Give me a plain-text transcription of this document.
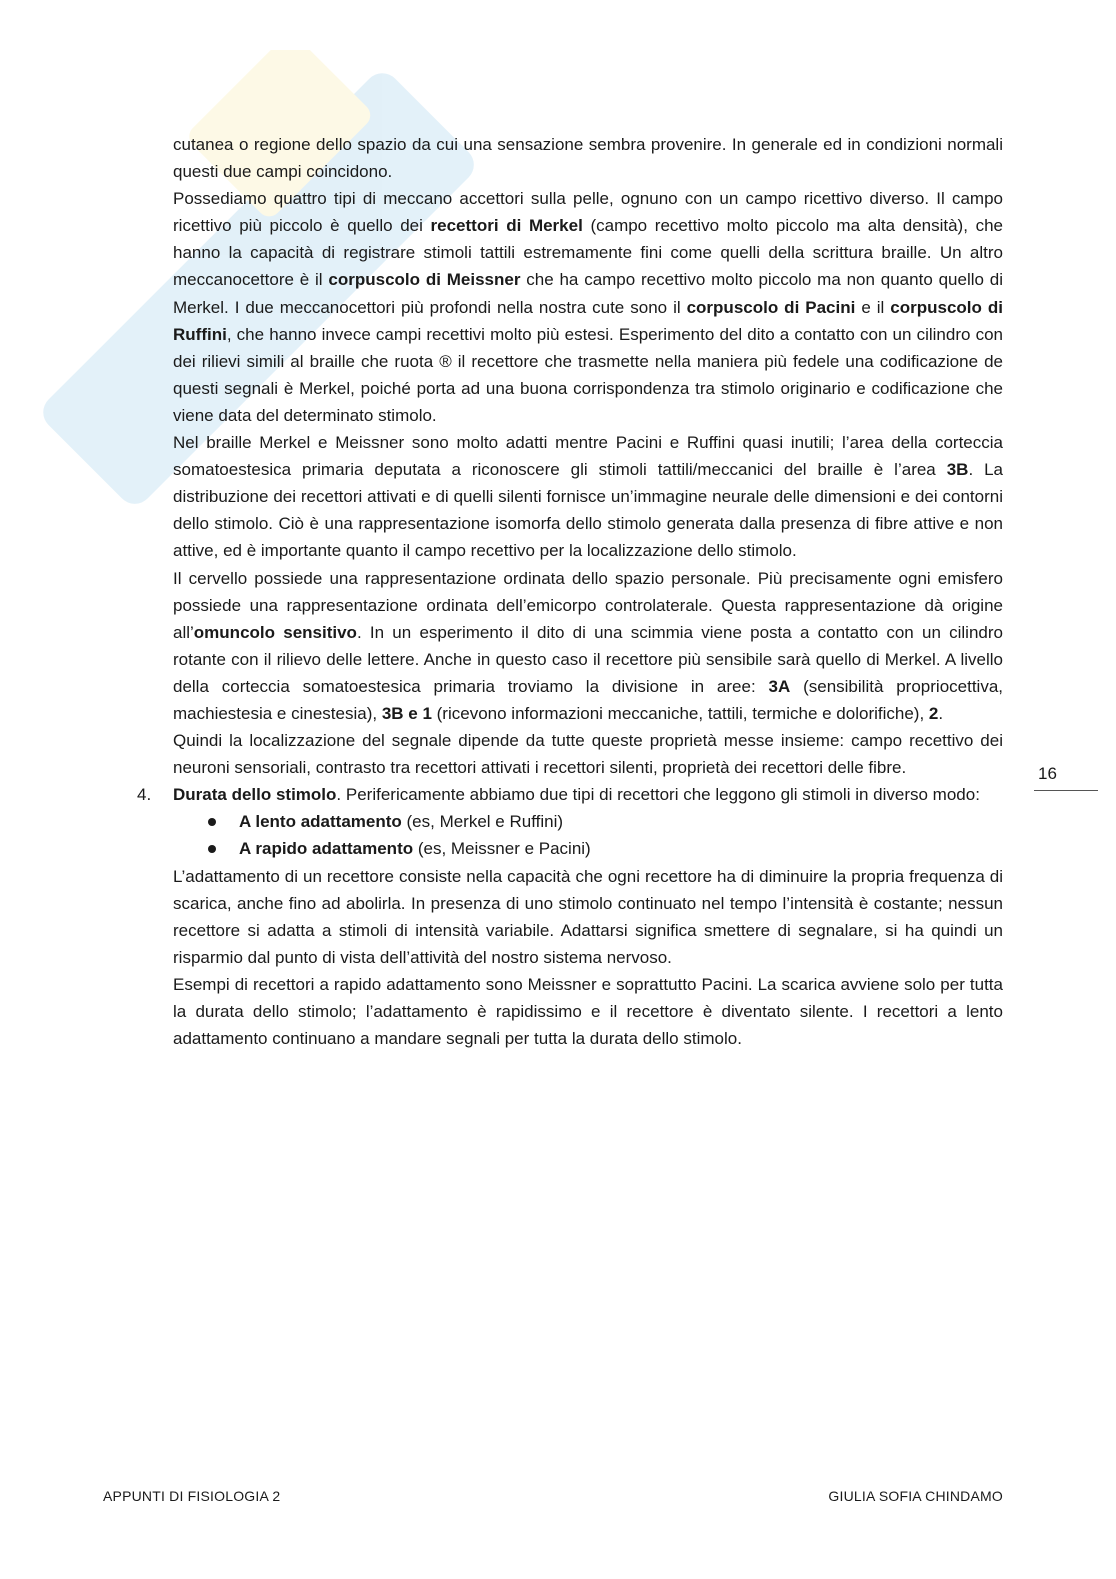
cutanea o regione dello spazio da cui una sensazione sembra provenire. In generale ed in condizioni normali questi due campi coincidono.

Possediamo quattro tipi di meccano accettori sulla pelle, ognuno con un campo ricettivo diverso. Il campo ricettivo più piccolo è quello dei recettori di Merkel (campo recettivo molto piccolo ma alta densità), che hanno la capacità di registrare stimoli tattili estremamente fini come quelli della scrittura braille. Un altro meccanocettore è il corpuscolo di Meissner che ha campo recettivo molto piccolo ma non quanto quello di Merkel. I due meccanocettori più profondi nella nostra cute sono il corpuscolo di Pacini e il corpuscolo di Ruffini, che hanno invece campi recettivi molto più estesi. Esperimento del dito a contatto con un cilindro con dei rilievi simili al braille che ruota ® il recettore che trasmette nella maniera più fedele una codificazione de questi segnali è Merkel, poiché porta ad una buona corrispondenza tra stimolo originario e codificazione che viene data del determinato stimolo.

Nel braille Merkel e Meissner sono molto adatti mentre Pacini e Ruffini quasi inutili; l’area della corteccia somatoestesica primaria deputata a riconoscere gli stimoli tattili/meccanici del braille è l’area 3B. La distribuzione dei recettori attivati e di quelli silenti fornisce un’immagine neurale delle dimensioni e dei contorni dello stimolo. Ciò è una rappresentazione isomorfa dello stimolo generata dalla presenza di fibre attive e non attive, ed è importante quanto il campo recettivo per la localizzazione dello stimolo.

Il cervello possiede una rappresentazione ordinata dello spazio personale. Più precisamente ogni emisfero possiede una rappresentazione ordinata dell’emicorpo controlaterale. Questa rappresentazione dà origine all’omuncolo sensitivo. In un esperimento il dito di una scimmia viene posta a contatto con un cilindro rotante con il rilievo delle lettere. Anche in questo caso il recettore più sensibile sarà quello di Merkel. A livello della corteccia somatoestesica primaria troviamo la divisione in aree: 3A (sensibilità propriocettiva, machiestesia e cinestesia), 3B e 1 (ricevono informazioni meccaniche, tattili, termiche e dolorifiche), 2.

Quindi la localizzazione del segnale dipende da tutte queste proprietà messe insieme: campo recettivo dei neuroni sensoriali, contrasto tra recettori attivati i recettori silenti, proprietà dei recettori delle fibre.

4. Durata dello stimolo. Perifericamente abbiamo due tipi di recettori che leggono gli stimoli in diverso modo:

A lento adattamento (es, Merkel e Ruffini)
A rapido adattamento (es, Meissner e Pacini)

L’adattamento di un recettore consiste nella capacità che ogni recettore ha di diminuire la propria frequenza di scarica, anche fino ad abolirla. In presenza di uno stimolo continuato nel tempo l’intensità è costante; nessun recettore si adatta a stimoli di intensità variabile. Adattarsi significa smettere di segnalare, si ha quindi un risparmio dal punto di vista dell’attività del nostro sistema nervoso.

Esempi di recettori a rapido adattamento sono Meissner e soprattutto Pacini. La scarica avviene solo per tutta la durata dello stimolo; l’adattamento è rapidissimo e il recettore è diventato silente. I recettori a lento adattamento continuano a mandare segnali per tutta la durata dello stimolo.

16
APPUNTI DI FISIOLOGIA 2	GIULIA SOFIA CHINDAMO
